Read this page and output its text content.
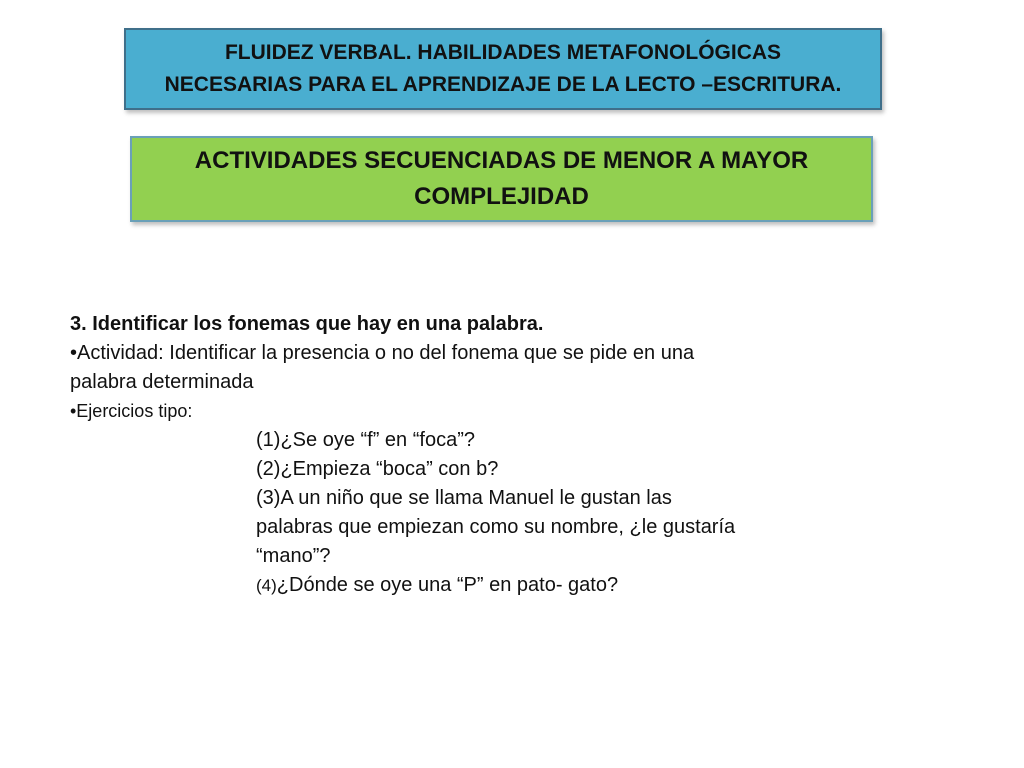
FLUIDEZ VERBAL. HABILIDADES METAFONOLÓGICAS
NECESARIAS PARA EL APRENDIZAJE DE LA LECTO –ESCRITURA.
ACTIVIDADES SECUENCIADAS DE MENOR A MAYOR
COMPLEJIDAD

3. Identificar los fonemas que hay en una palabra.

•Actividad: Identificar la presencia o no del fonema que se pide en una

palabra determinada

•Ejercicios tipo:

(1)¿Se oye “f” en “foca”?
(2)¿Empieza “boca” con b?
(3)A un niño que se llama Manuel le gustan las
palabras que empiezan como su nombre, ¿le gustaría
“mano”?
(4)¿Dónde se oye una “P” en pato- gato?
